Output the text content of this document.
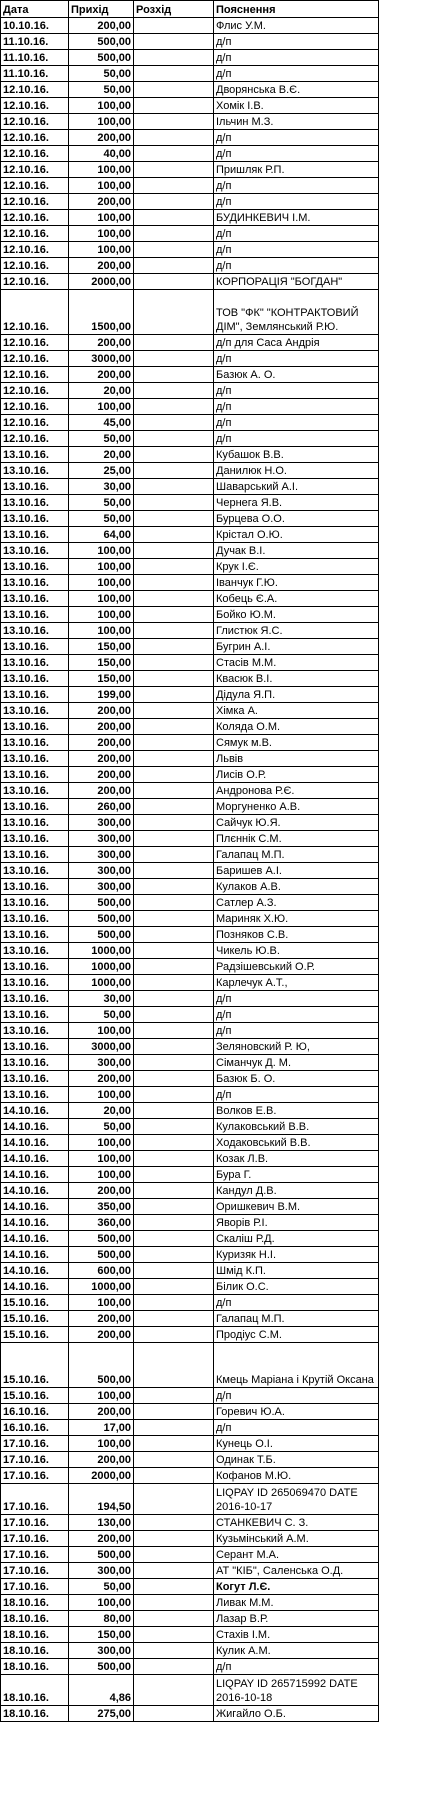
Дата	Прихід	Розхід	Пояснення
10.10.16.	200,00		Флис У.М.
11.10.16.	500,00		д/п
11.10.16.	500,00		д/п
11.10.16.	50,00		д/п
12.10.16.	50,00		Дворянська В.Є.
12.10.16.	100,00		Хомік І.В.
12.10.16.	100,00		Ільчин М.З.
12.10.16.	200,00		д/п
12.10.16.	40,00		д/п
12.10.16.	100,00		Пришляк Р.П.
12.10.16.	100,00		д/п
12.10.16.	200,00		д/п
12.10.16.	100,00		БУДИНКЕВИЧ І.М.
12.10.16.	100,00		д/п
12.10.16.	100,00		д/п
12.10.16.	200,00		д/п
12.10.16.	2000,00		КОРПОРАЦІЯ "БОГДАН"
12.10.16.	1500,00		ТОВ "ФК" "КОНТРАКТОВИЙ ДІМ", Землянський Р.Ю.
12.10.16.	200,00		д/п для Саса Андрія
12.10.16.	3000,00		д/п
12.10.16.	200,00		Базюк А. О.
12.10.16.	20,00		д/п
12.10.16.	100,00		д/п
12.10.16.	45,00		д/п
12.10.16.	50,00		д/п
13.10.16.	20,00		Кубашок В.В.
13.10.16.	25,00		Данилюк Н.О.
13.10.16.	30,00		Шаварський А.І.
13.10.16.	50,00		Чернега Я.В.
13.10.16.	50,00		Бурцева О.О.
13.10.16.	64,00		Крістал О.Ю.
13.10.16.	100,00		Дучак В.І.
13.10.16.	100,00		Крук І.Є.
13.10.16.	100,00		Іванчук Г.Ю.
13.10.16.	100,00		Кобець Є.А.
13.10.16.	100,00		Бойко Ю.М.
13.10.16.	100,00		Глистюк Я.С.
13.10.16.	150,00		Бугрин А.І.
13.10.16.	150,00		Стасів М.М.
13.10.16.	150,00		Квасюк В.І.
13.10.16.	199,00		Дідула Я.П.
13.10.16.	200,00		Хімка А.
13.10.16.	200,00		Коляда О.М.
13.10.16.	200,00		Сямук м.В.
13.10.16.	200,00		Львів
13.10.16.	200,00		Лисів О.Р.
13.10.16.	200,00		Андронова Р.Є.
13.10.16.	260,00		Моргуненко А.В.
13.10.16.	300,00		Сайчук Ю.Я.
13.10.16.	300,00		Плєннік С.М.
13.10.16.	300,00		Галапац М.П.
13.10.16.	300,00		Баришев А.І.
13.10.16.	300,00		Кулаков А.В.
13.10.16.	500,00		Сатлер А.З.
13.10.16.	500,00		Мариняк Х.Ю.
13.10.16.	500,00		Позняков С.В.
13.10.16.	1000,00		Чикель Ю.В.
13.10.16.	1000,00		Радзішевський О.Р.
13.10.16.	1000,00		Карлечук А.Т.,
13.10.16.	30,00		д/п
13.10.16.	50,00		д/п
13.10.16.	100,00		д/п
13.10.16.	3000,00		Зеляновский Р. Ю,
13.10.16.	300,00		Сіманчук Д. М.
13.10.16.	200,00		Базюк Б. О.
13.10.16.	100,00		д/п
14.10.16.	20,00		Волков Е.В.
14.10.16.	50,00		Кулаковський В.В.
14.10.16.	100,00		Ходаковський В.В.
14.10.16.	100,00		Козак Л.В.
14.10.16.	100,00		Бура Г.
14.10.16.	200,00		Кандул Д.В.
14.10.16.	350,00		Оришкевич В.М.
14.10.16.	360,00		Яворів Р.І.
14.10.16.	500,00		Скаліш Р.Д.
14.10.16.	500,00		Куризяк Н.І.
14.10.16.	600,00		Шмід К.П.
14.10.16.	1000,00		Білик О.С.
15.10.16.	100,00		д/п
15.10.16.	200,00		Галапац М.П.
15.10.16.	200,00		Продіус С.М.
15.10.16.	500,00		Кмець Маріана і Крутій Оксана
15.10.16.	100,00		д/п
16.10.16.	200,00		Горевич Ю.А.
16.10.16.	17,00		д/п
17.10.16.	100,00		Кунець О.І.
17.10.16.	200,00		Одинак Т.Б.
17.10.16.	2000,00		Кофанов М.Ю.
17.10.16.	194,50		LIQPAY ID 265069470 DATE 2016-10-17
17.10.16.	130,00		СТАНКЕВИЧ С. З.
17.10.16.	200,00		Кузьмінський А.М.
17.10.16.	500,00		Серант М.А.
17.10.16.	300,00		АТ "КІБ", Саленська О.Д.
17.10.16.	50,00		Когут Л.Є.
18.10.16.	100,00		Ливак М.М.
18.10.16.	80,00		Лазар В.Р.
18.10.16.	150,00		Стахів І.М.
18.10.16.	300,00		Кулик А.М.
18.10.16.	500,00		д/п
18.10.16.	4,86		LIQPAY ID 265715992 DATE 2016-10-18
18.10.16.	275,00		Жигайло О.Б.
